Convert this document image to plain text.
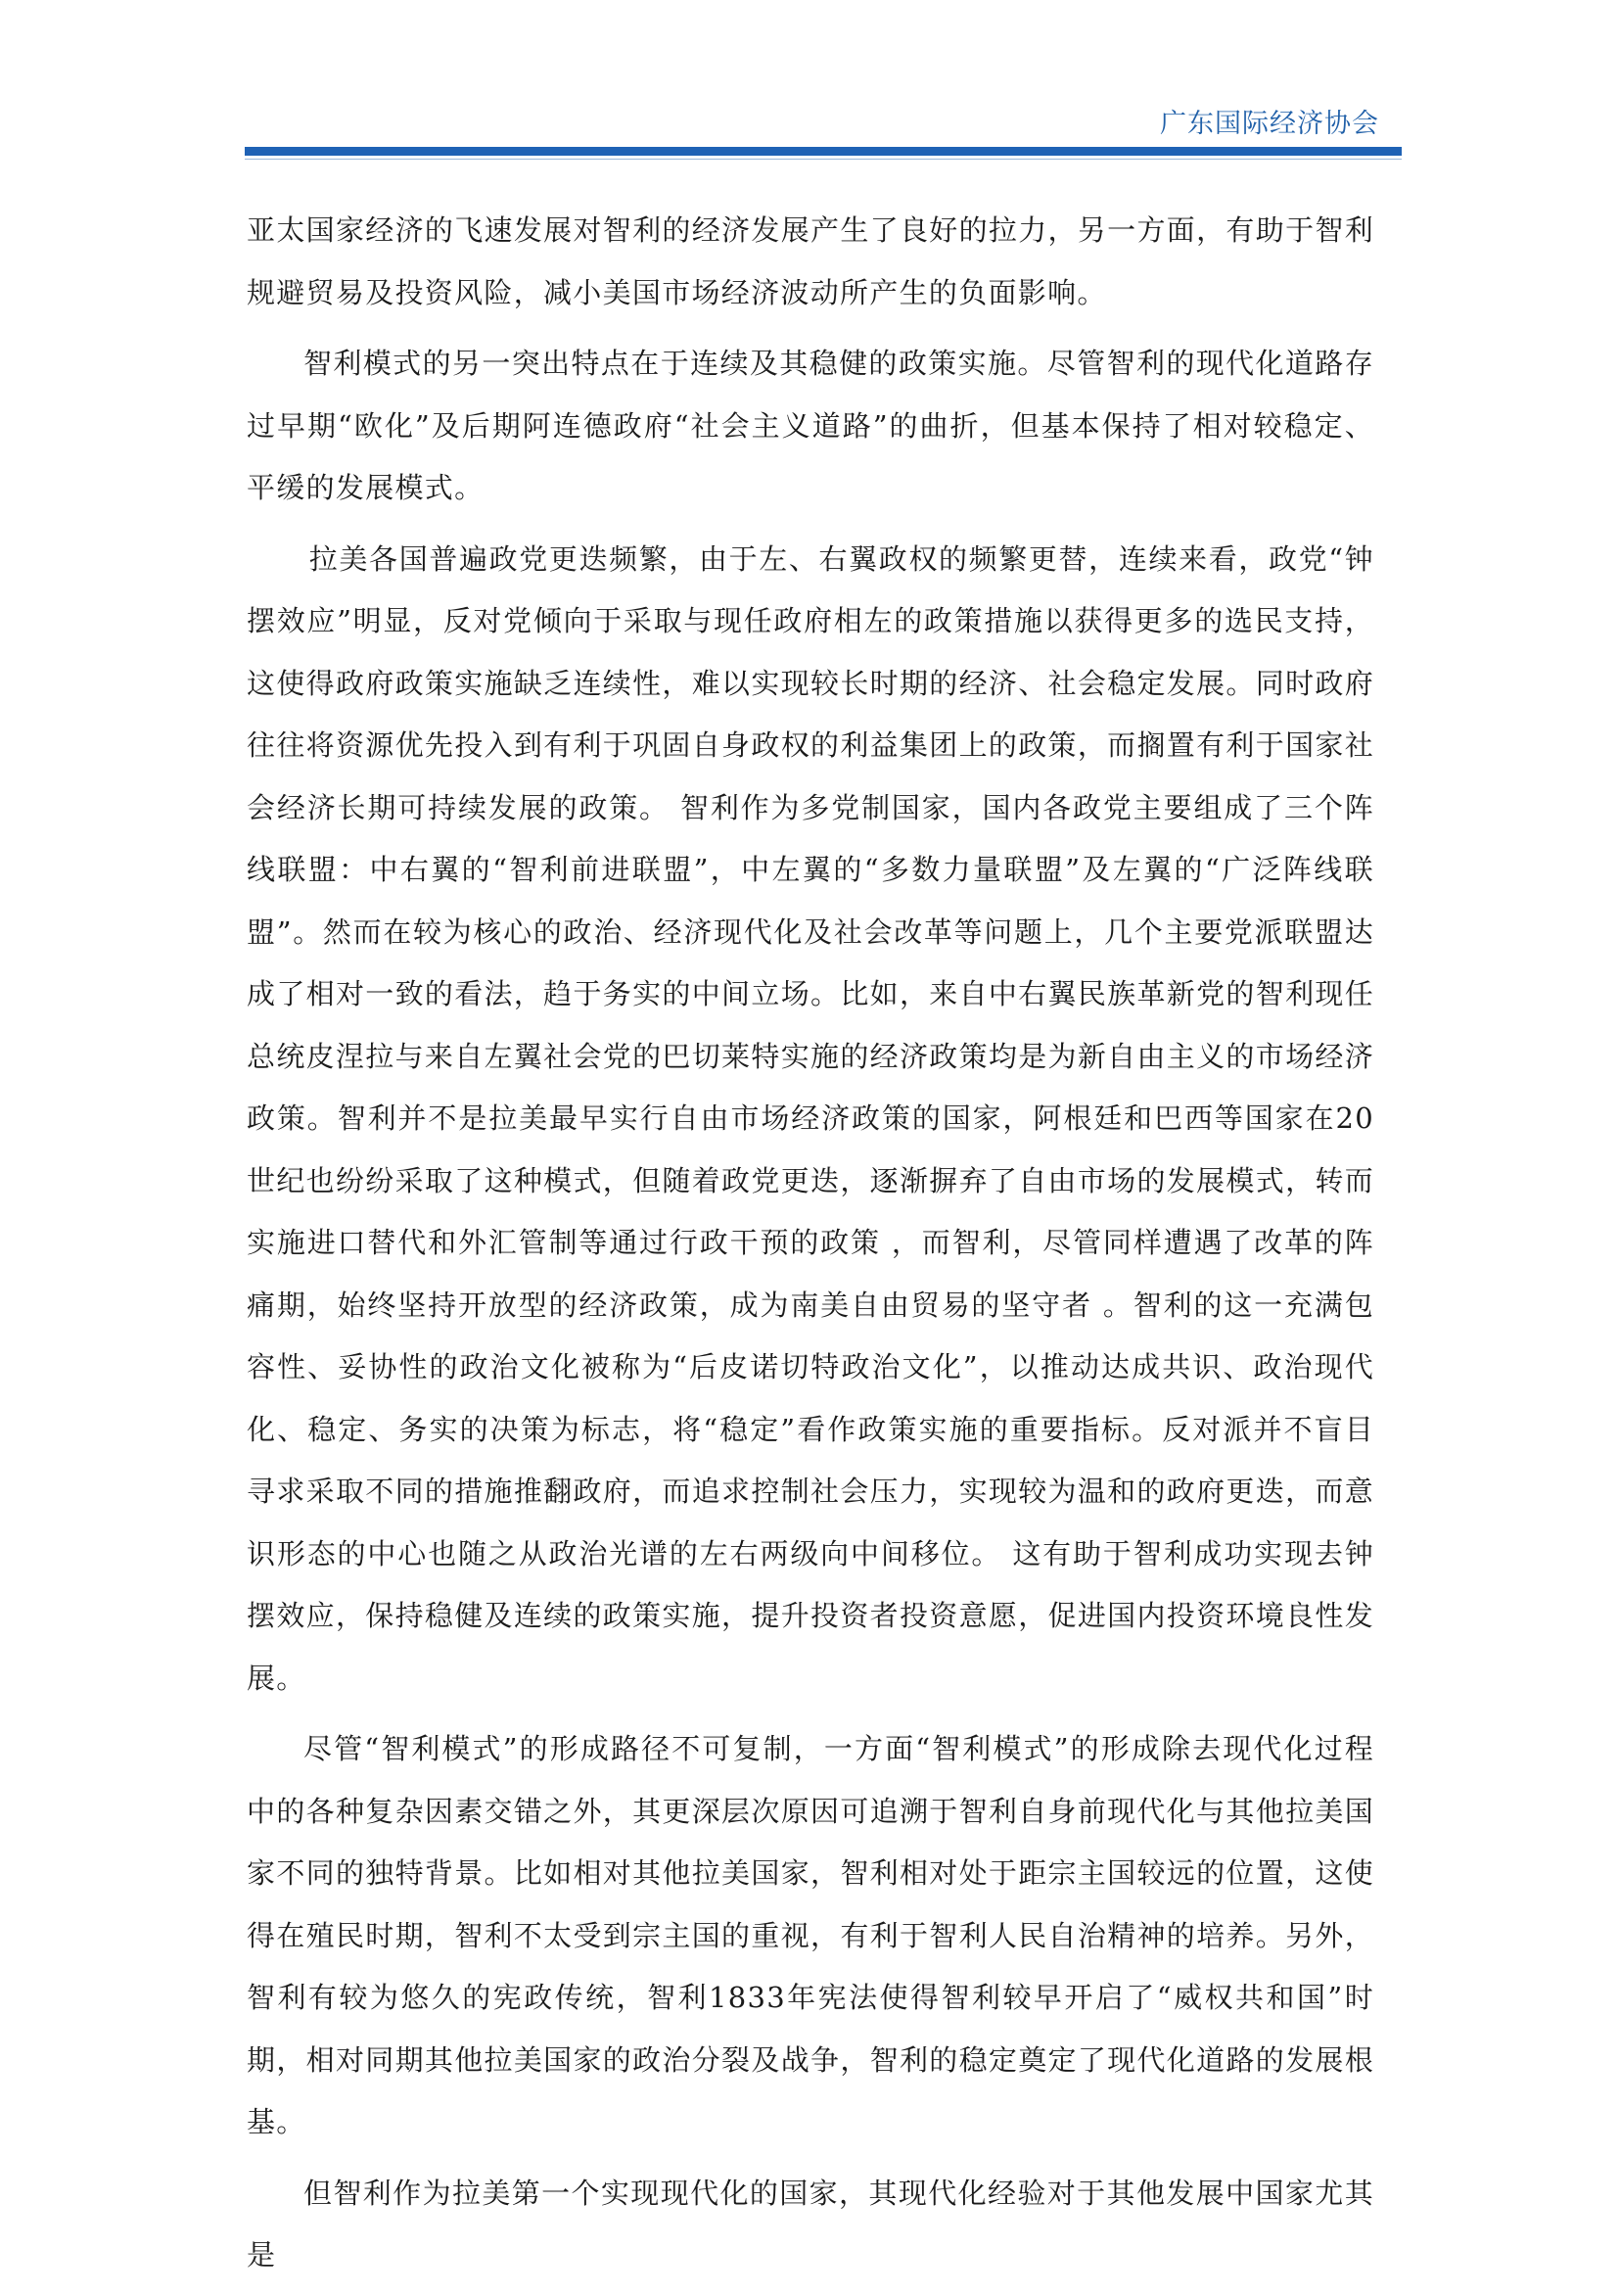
广东国际经济协会

亚太国家经济的飞速发展对智利的经济发展产生了良好的拉力，另一方面，有助于智利规避贸易及投资风险，减小美国市场经济波动所产生的负面影响。

智利模式的另一突出特点在于连续及其稳健的政策实施。尽管智利的现代化道路存过早期“欧化”及后期阿连德政府“社会主义道路”的曲折，但基本保持了相对较稳定、平缓的发展模式。

拉美各国普遍政党更迭频繁，由于左、右翼政权的频繁更替，连续来看，政党“钟摆效应”明显，反对党倾向于采取与现任政府相左的政策措施以获得更多的选民支持，这使得政府政策实施缺乏连续性，难以实现较长时期的经济、社会稳定发展。同时政府往往将资源优先投入到有利于巩固自身政权的利益集团上的政策，而搁置有利于国家社会经济长期可持续发展的政策。 智利作为多党制国家，国内各政党主要组成了三个阵线联盟：中右翼的“智利前进联盟”，中左翼的“多数力量联盟”及左翼的“广泛阵线联盟”。然而在较为核心的政治、经济现代化及社会改革等问题上，几个主要党派联盟达成了相对一致的看法，趋于务实的中间立场。比如，来自中右翼民族革新党的智利现任总统皮涅拉与来自左翼社会党的巴切莱特实施的经济政策均是为新自由主义的市场经济政策。智利并不是拉美最早实行自由市场经济政策的国家，阿根廷和巴西等国家在20世纪也纷纷采取了这种模式，但随着政党更迭，逐渐摒弃了自由市场的发展模式，转而实施进口替代和外汇管制等通过行政干预的政策 ，而智利，尽管同样遭遇了改革的阵痛期，始终坚持开放型的经济政策，成为南美自由贸易的坚守者 。智利的这一充满包容性、妥协性的政治文化被称为“后皮诺切特政治文化”，以推动达成共识、政治现代化、稳定、务实的决策为标志，将“稳定”看作政策实施的重要指标。反对派并不盲目寻求采取不同的措施推翻政府，而追求控制社会压力，实现较为温和的政府更迭，而意识形态的中心也随之从政治光谱的左右两级向中间移位。 这有助于智利成功实现去钟摆效应，保持稳健及连续的政策实施，提升投资者投资意愿，促进国内投资环境良性发展。

尽管“智利模式”的形成路径不可复制，一方面“智利模式”的形成除去现代化过程中的各种复杂因素交错之外，其更深层次原因可追溯于智利自身前现代化与其他拉美国家不同的独特背景。比如相对其他拉美国家，智利相对处于距宗主国较远的位置，这使得在殖民时期，智利不太受到宗主国的重视，有利于智利人民自治精神的培养。另外，智利有较为悠久的宪政传统，智利1833年宪法使得智利较早开启了“威权共和国”时期，相对同期其他拉美国家的政治分裂及战争，智利的稳定奠定了现代化道路的发展根基。

但智利作为拉美第一个实现现代化的国家，其现代化经验对于其他发展中国家尤其是
